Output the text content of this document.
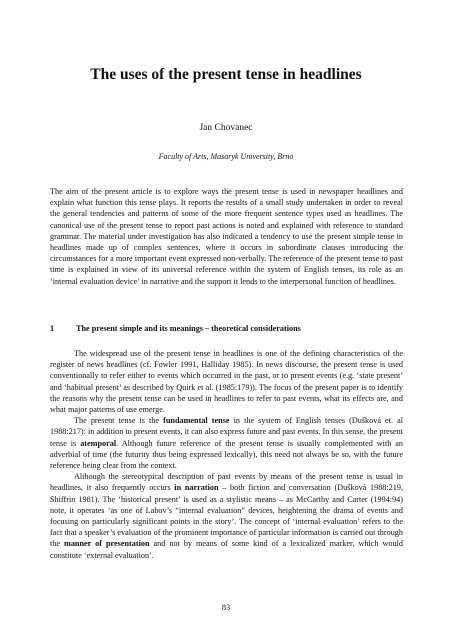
The uses of the present tense in headlines
Jan Chovanec
Faculty of Arts, Masaryk University, Brno

The aim of the present article is to explore ways the present tense is used in newspaper headlines and explain what function this tense plays. It reports the results of a small study undertaken in order to reveal the general tendencies and patterns of some of the more frequent sentence types used as headlines. The canonical use of the present tense to report past actions is noted and explained with reference to standard grammar. The material under investigation has also indicated a tendency to use the present simple tense in headlines made up of complex sentences, where it occurs in subordinate clauses introducing the circumstances for a more important event expressed non-verbally. The reference of the present tense to past time is explained in view of its universal reference within the system of English tenses, its role as an ‘internal evaluation device’ in narrative and the support it lends to the interpersonal function of headlines.

1	The present simple and its meanings – theoretical considerations

The widespread use of the present tense in headlines is one of the defining characteristics of the register of news headlines (cf. Fowler 1991, Halliday 1985). In news discourse, the present tense is used conventionally to refer either to events which occurred in the past, or to present events (e.g. ‘state present’ and ‘habitual present’ as described by Quirk et al. (1985:179)). The focus of the present paper is to identify the reasons why the present tense can be used in headlines to refer to past events, what its effects are, and what major patterns of use emerge.

The present tense is the fundamental tense in the system of English tenses (Dušková et. al 1988:217): in addition to present events, it can also express future and past events. In this sense, the present tense is atemporal. Although future reference of the present tense is usually complemented with an adverbial of time (the futurity thus being expressed lexically), this need not always be so, with the future reference being clear from the context.

Although the stereotypical description of past events by means of the present tense is usual in headlines, it also frequently occurs in narration – both fiction and conversation (Dušková 1988:219, Shiffrin 1981). The ‘historical present’ is used as a stylistic means – as McCarthy and Carter (1994:94) note, it operates ‘as one of Labov’s “internal evaluation” devices, heightening the drama of events and focusing on particularly significant points in the story’. The concept of ‘internal evaluation’ refers to the fact that a speaker’s evaluation of the prominent importance of particular information is carried out through the manner of presentation and not by means of some kind of a lexicalized marker, which would constitute ‘external evaluation’.

83
